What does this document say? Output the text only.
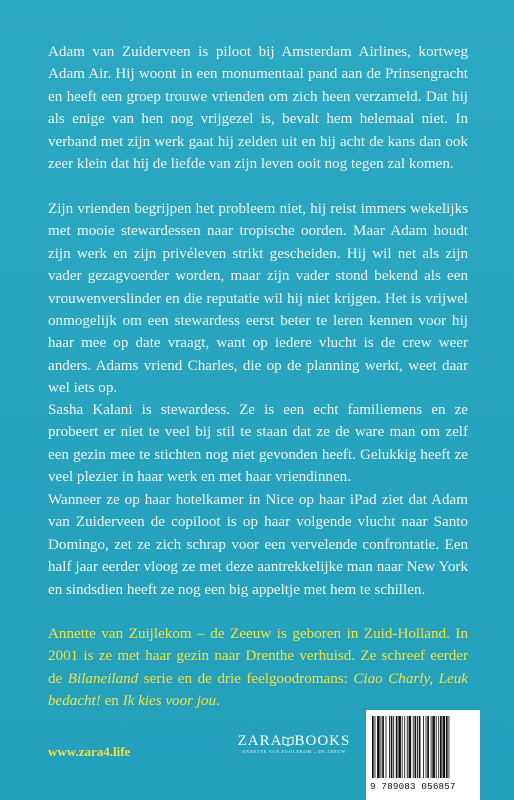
Adam van Zuiderveen is piloot bij Amsterdam Airlines, kortweg Adam Air. Hij woont in een monumentaal pand aan de Prinsengracht en heeft een groep trouwe vrienden om zich heen verzameld. Dat hij als enige van hen nog vrijgezel is, bevalt hem helemaal niet. In verband met zijn werk gaat hij zelden uit en hij acht de kans dan ook zeer klein dat hij de liefde van zijn leven ooit nog tegen zal komen.

Zijn vrienden begrijpen het probleem niet, hij reist immers wekelijks met mooie stewardessen naar tropische oorden. Maar Adam houdt zijn werk en zijn privéleven strikt gescheiden. Hij wil net als zijn vader gezagvoerder worden, maar zijn vader stond bekend als een vrouwenverslinder en die reputatie wil hij niet krijgen. Het is vrijwel onmogelijk om een stewardess eerst beter te leren kennen voor hij haar mee op date vraagt, want op iedere vlucht is de crew weer anders. Adams vriend Charles, die op de planning werkt, weet daar wel iets op.

Sasha Kalani is stewardess. Ze is een echt familiemens en ze probeert er niet te veel bij stil te staan dat ze de ware man om zelf een gezin mee te stichten nog niet gevonden heeft. Gelukkig heeft ze veel plezier in haar werk en met haar vriendinnen.

Wanneer ze op haar hotelkamer in Nice op haar iPad ziet dat Adam van Zuiderveen de copiloot is op haar volgende vlucht naar Santo Domingo, zet ze zich schrap voor een vervelende confrontatie. Een half jaar eerder vloog ze met deze aantrekkelijke man naar New York en sindsdien heeft ze nog een big appeltje met hem te schillen.

Annette van Zuijlekom – de Zeeuw is geboren in Zuid-Holland. In 2001 is ze met haar gezin naar Drenthe verhuisd. Ze schreef eerder de Bilaneiland serie en de drie feelgoodromans: Ciao Charly, Leuk bedacht! en Ik kies voor jou.

www.zara4.life
ZARA BOOKS
ANNETTE VAN ZUIJLEKOM – DE ZEEUW
9 789083 056857
